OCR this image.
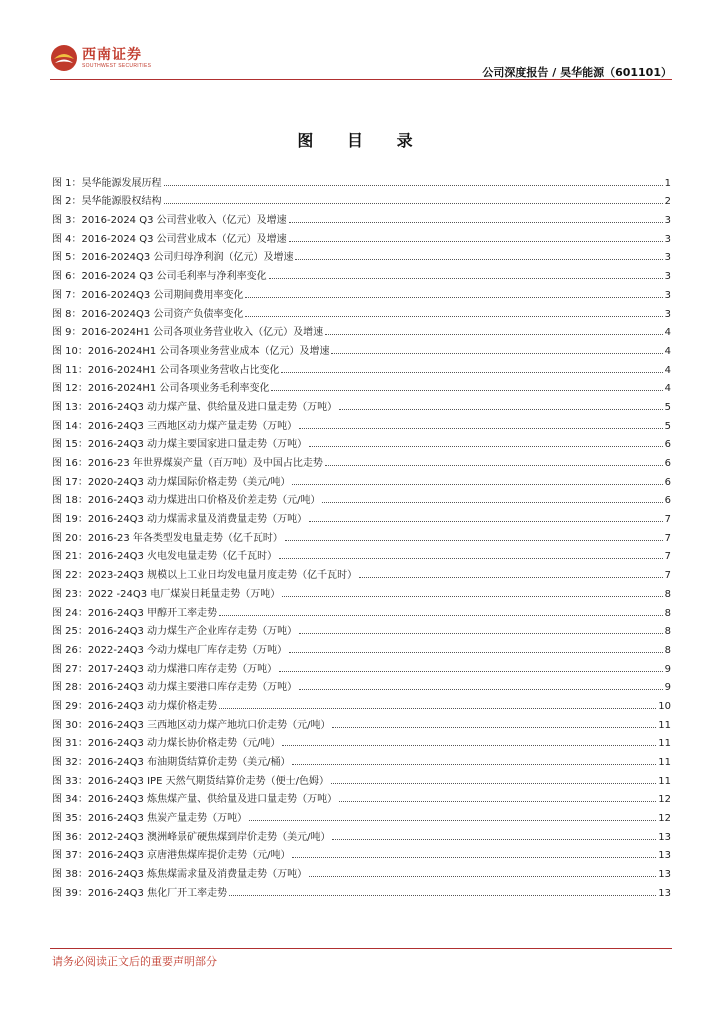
西南证券
SOUTHWEST SECURITIES
公司深度报告 / 昊华能源（601101）
图 目 录
图 1：昊华能源发展历程	1
图 2：昊华能源股权结构	2
图 3：2016-2024 Q3 公司营业收入（亿元）及增速	3
图 4：2016-2024 Q3 公司营业成本（亿元）及增速	3
图 5：2016-2024Q3 公司归母净利润（亿元）及增速	3
图 6：2016-2024 Q3 公司毛利率与净利率变化	3
图 7：2016-2024Q3 公司期间费用率变化	3
图 8：2016-2024Q3 公司资产负债率变化	3
图 9：2016-2024H1 公司各项业务营业收入（亿元）及增速	4
图 10：2016-2024H1 公司各项业务营业成本（亿元）及增速	4
图 11：2016-2024H1 公司各项业务营收占比变化	4
图 12：2016-2024H1 公司各项业务毛利率变化	4
图 13：2016-24Q3 动力煤产量、供给量及进口量走势（万吨）	5
图 14：2016-24Q3 三西地区动力煤产量走势（万吨）	5
图 15：2016-24Q3 动力煤主要国家进口量走势（万吨）	6
图 16：2016-23 年世界煤炭产量（百万吨）及中国占比走势	6
图 17：2020-24Q3 动力煤国际价格走势（美元/吨）	6
图 18：2016-24Q3 动力煤进出口价格及价差走势（元/吨）	6
图 19：2016-24Q3 动力煤需求量及消费量走势（万吨）	7
图 20：2016-23 年各类型发电量走势（亿千瓦时）	7
图 21：2016-24Q3 火电发电量走势（亿千瓦时）	7
图 22：2023-24Q3 规模以上工业日均发电量月度走势（亿千瓦时）	7
图 23：2022 -24Q3 电厂煤炭日耗量走势（万吨）	8
图 24：2016-24Q3 甲醇开工率走势	8
图 25：2016-24Q3 动力煤生产企业库存走势（万吨）	8
图 26：2022-24Q3 今动力煤电厂库存走势（万吨）	8
图 27：2017-24Q3 动力煤港口库存走势（万吨）	9
图 28：2016-24Q3 动力煤主要港口库存走势（万吨）	9
图 29：2016-24Q3 动力煤价格走势	10
图 30：2016-24Q3 三西地区动力煤产地坑口价走势（元/吨）	11
图 31：2016-24Q3 动力煤长协价格走势（元/吨）	11
图 32：2016-24Q3 布油期货结算价走势（美元/桶）	11
图 33：2016-24Q3 IPE 天然气期货结算价走势（便士/色姆）	11
图 34：2016-24Q3 炼焦煤产量、供给量及进口量走势（万吨）	12
图 35：2016-24Q3 焦炭产量走势（万吨）	12
图 36：2012-24Q3 澳洲峰景矿硬焦煤到岸价走势（美元/吨）	13
图 37：2016-24Q3 京唐港焦煤库提价走势（元/吨）	13
图 38：2016-24Q3 炼焦煤需求量及消费量走势（万吨）	13
图 39：2016-24Q3 焦化厂开工率走势	13
请务必阅读正文后的重要声明部分
